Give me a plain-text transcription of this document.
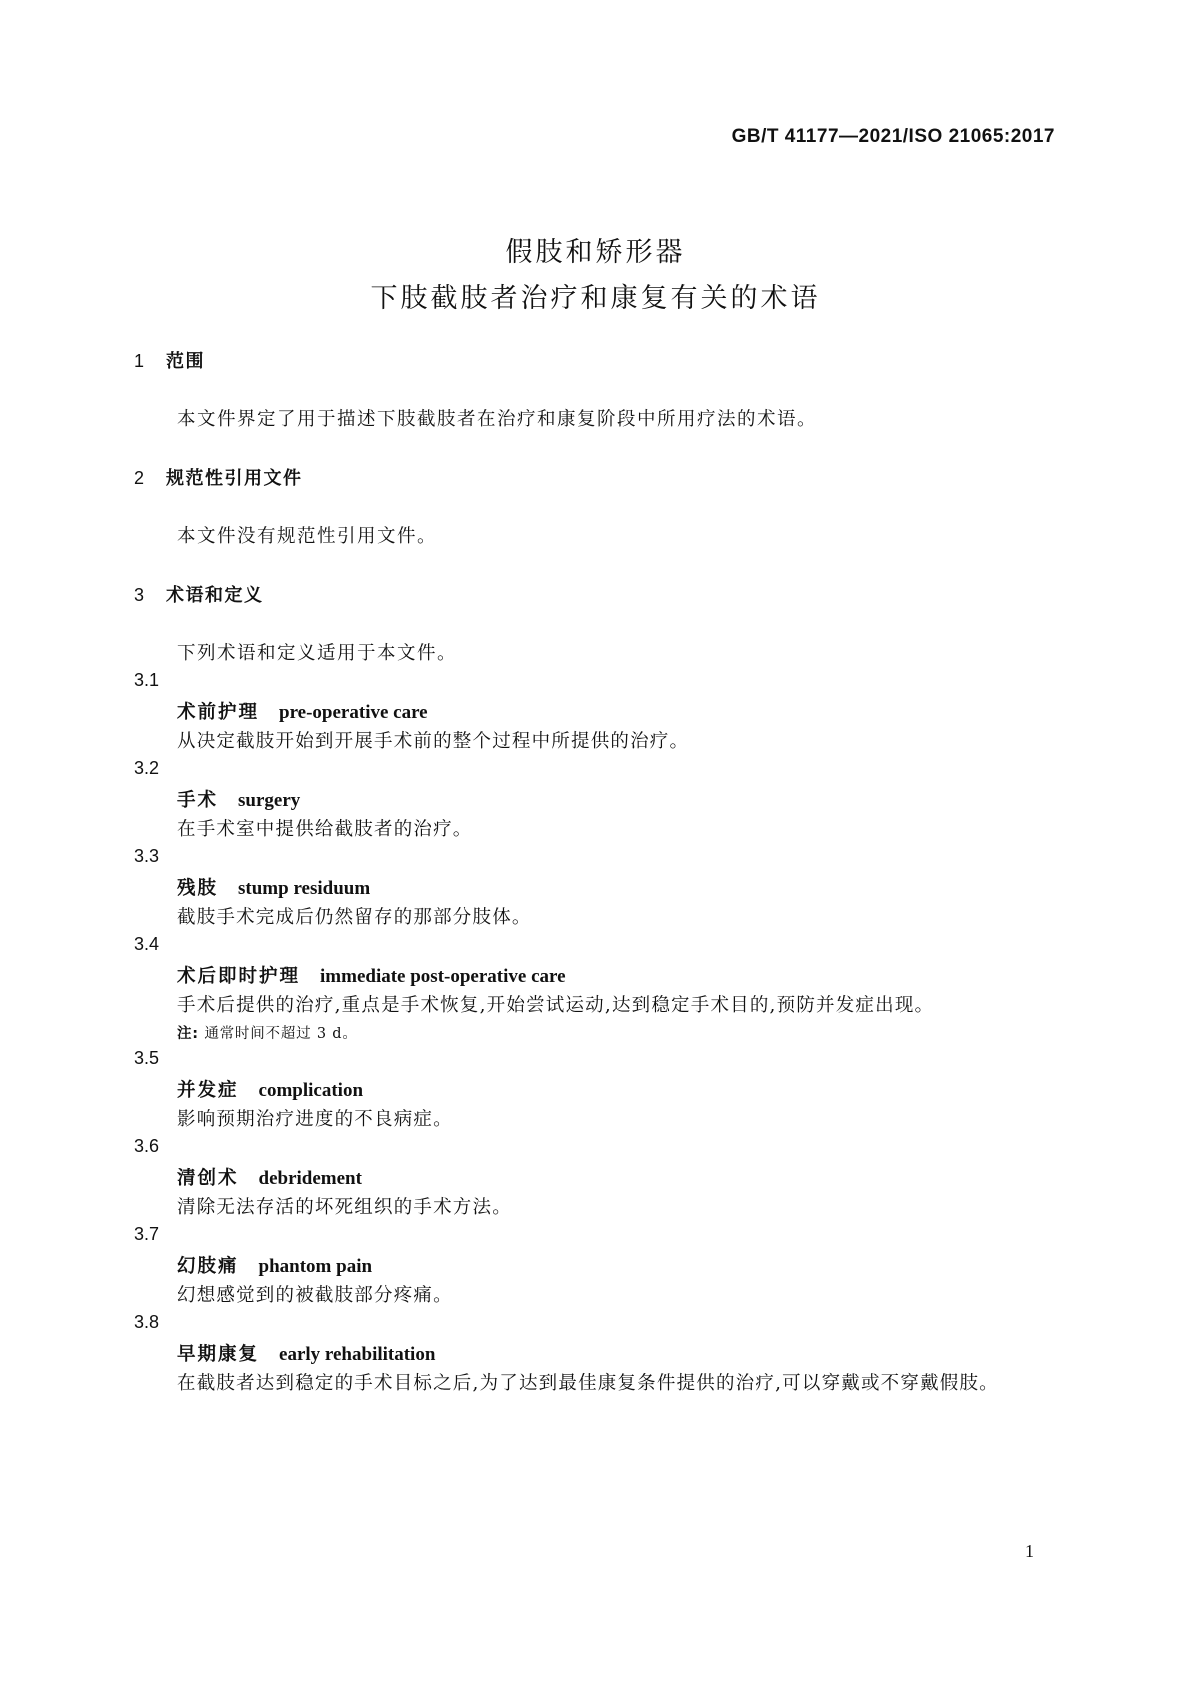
GB/T 41177—2021/ISO 21065:2017
假肢和矫形器
下肢截肢者治疗和康复有关的术语
1 范围
本文件界定了用于描述下肢截肢者在治疗和康复阶段中所用疗法的术语。
2 规范性引用文件
本文件没有规范性引用文件。
3 术语和定义
下列术语和定义适用于本文件。
3.1
术前护理 pre-operative care
从决定截肢开始到开展手术前的整个过程中所提供的治疗。
3.2
手术 surgery
在手术室中提供给截肢者的治疗。
3.3
残肢 stump residuum
截肢手术完成后仍然留存的那部分肢体。
3.4
术后即时护理 immediate post-operative care
手术后提供的治疗,重点是手术恢复,开始尝试运动,达到稳定手术目的,预防并发症出现。
注: 通常时间不超过 3 d。
3.5
并发症 complication
影响预期治疗进度的不良病症。
3.6
清创术 debridement
清除无法存活的坏死组织的手术方法。
3.7
幻肢痛 phantom pain
幻想感觉到的被截肢部分疼痛。
3.8
早期康复 early rehabilitation
在截肢者达到稳定的手术目标之后,为了达到最佳康复条件提供的治疗,可以穿戴或不穿戴假肢。
1
